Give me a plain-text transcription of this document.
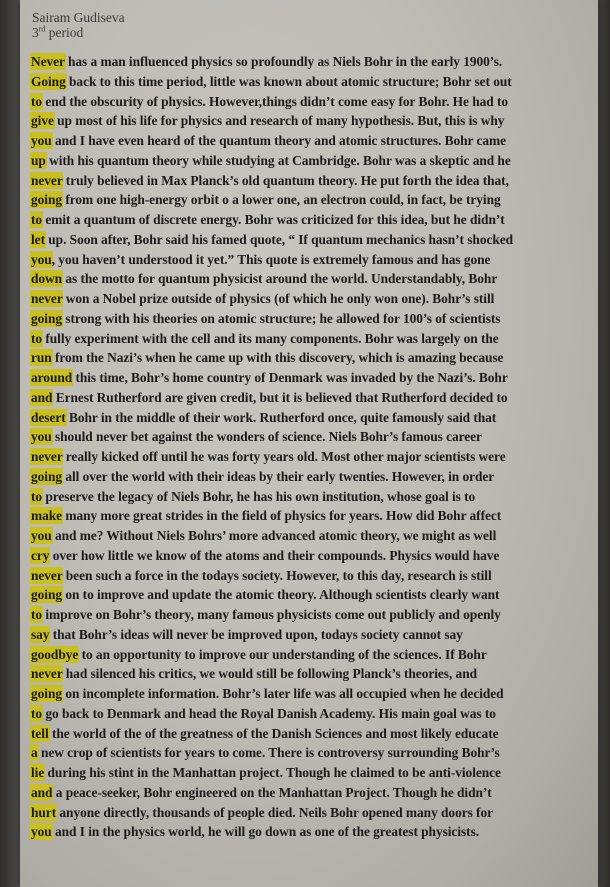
Sairam Gudiseva
3rd period
Never has a man influenced physics so profoundly as Niels Bohr in the early 1900’s.
Going back to this time period, little was known about atomic structure; Bohr set out
to end the obscurity of physics. However,things didn’t come easy for Bohr. He had to
give up most of his life for physics and research of many hypothesis. But, this is why
you and I have even heard of the quantum theory and atomic structures. Bohr came
up with his quantum theory while studying at Cambridge. Bohr was a skeptic and he
never truly believed in Max Planck’s old quantum theory. He put forth the idea that,
going from one high-energy orbit o a lower one, an electron could, in fact, be trying
to emit a quantum of discrete energy. Bohr was criticized for this idea, but he didn’t
let up. Soon after, Bohr said his famed quote, “ If quantum mechanics hasn’t shocked
you, you haven’t understood it yet.” This quote is extremely famous and has gone
down as the motto for quantum physicist around the world. Understandably, Bohr
never won a Nobel prize outside of physics (of which he only won one). Bohr’s still
going strong with his theories on atomic structure; he allowed for 100’s of scientists
to fully experiment with the cell and its many components. Bohr was largely on the
run from the Nazi’s when he came up with this discovery, which is amazing because
around this time, Bohr’s home country of Denmark was invaded by the Nazi’s. Bohr
and Ernest Rutherford are given credit, but it is believed that Rutherford decided to
desert Bohr in the middle of their work. Rutherford once, quite famously said that
you should never bet against the wonders of science. Niels Bohr’s famous career
never really kicked off until he was forty years old. Most other major scientists were
going all over the world with their ideas by their early twenties. However, in order
to preserve the legacy of Niels Bohr, he has his own institution, whose goal is to
make many more great strides in the field of physics for years. How did Bohr affect
you and me? Without Niels Bohrs’ more advanced atomic theory, we might as well
cry over how little we know of the atoms and their compounds. Physics would have
never been such a force in the todays society. However, to this day, research is still
going on to improve and update the atomic theory. Although scientists clearly want
to improve on Bohr’s theory, many famous physicists come out publicly and openly
say that Bohr’s ideas will never be improved upon, todays society cannot say
goodbye to an opportunity to improve our understanding of the sciences. If Bohr
never had silenced his critics, we would still be following Planck’s theories, and
going on incomplete information. Bohr’s later life was all occupied when he decided
to go back to Denmark and head the Royal Danish Academy. His main goal was to
tell the world of the of the greatness of the Danish Sciences and most likely educate
a new crop of scientists for years to come. There is controversy surrounding Bohr’s
lie during his stint in the Manhattan project. Though he claimed to be anti-violence
and a peace-seeker, Bohr engineered on the Manhattan Project. Though he didn’t
hurt anyone directly, thousands of people died. Neils Bohr opened many doors for
you and I in the physics world, he will go down as one of the greatest physicists.
